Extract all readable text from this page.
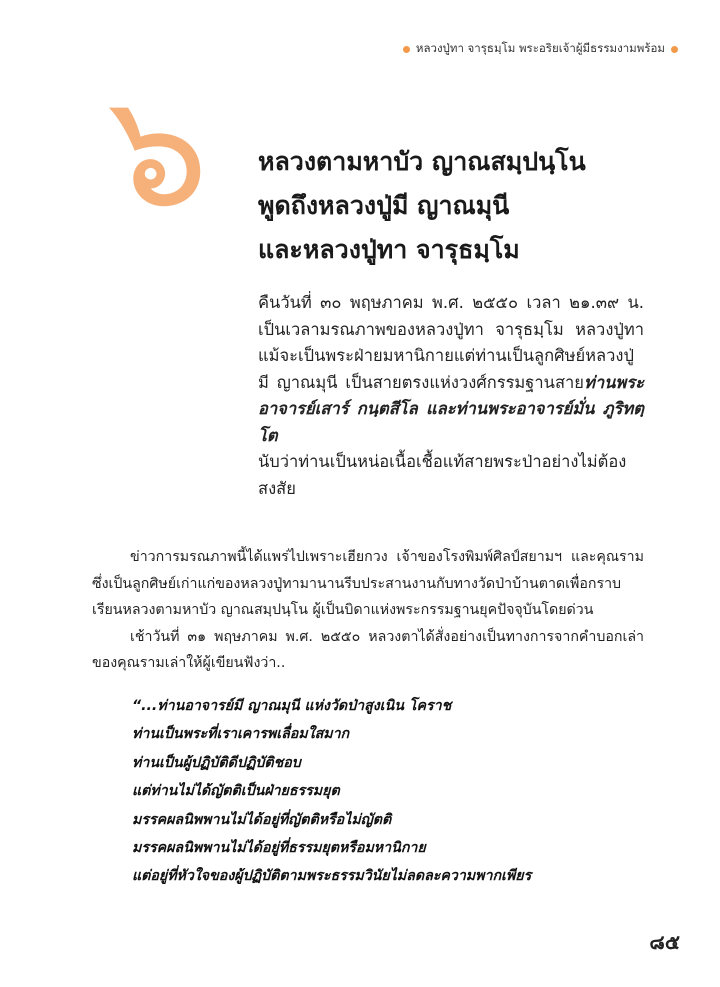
หลวงปู่ทา จารุธมฺโม พระอริยเจ้าผู้มีธรรมงามพร้อม
๖ หลวงตามหาบัว ญาณสมฺปนฺโน
พูดถึงหลวงปู่มี ญาณมุนี
และหลวงปู่ทา จารุธมฺโม
คืนวันที่ ๓๐ พฤษภาคม พ.ศ. ๒๕๕๐ เวลา ๒๑.๓๙ น. เป็นเวลามรณภาพของหลวงปู่ทา จารุธมฺโม หลวงปู่ทาแม้จะเป็นพระฝ่ายมหานิกายแต่ท่านเป็นลูกศิษย์หลวงปู่มี ญาณมุนี เป็นสายตรงแห่งวงศ์กรรมฐานสายท่านพระอาจารย์เสาร์ กนฺตสีโล และท่านพระอาจารย์มั่น ภูริทตฺโต
นับว่าท่านเป็นหน่อเนื้อเชื้อแท้สายพระป่าอย่างไม่ต้องสงสัย

ข่าวการมรณภาพนี้ได้แพร่ไปเพราะเฮียกวง เจ้าของโรงพิมพ์ศิลป์สยามฯ และคุณราม ซึ่งเป็นลูกศิษย์เก่าแก่ของหลวงปู่ทามานานรีบประสานงานกับทางวัดป่าบ้านตาดเพื่อกราบเรียนหลวงตามหาบัว ญาณสมฺปนฺโน ผู้เป็นบิดาแห่งพระกรรมฐานยุคปัจจุบันโดยด่วน

เช้าวันที่ ๓๑ พฤษภาคม พ.ศ. ๒๕๕๐ หลวงตาได้สั่งอย่างเป็นทางการจากคำบอกเล่าของคุณรามเล่าให้ผู้เขียนฟังว่า..

“...ท่านอาจารย์มี ญาณมุนี แห่งวัดป่าสูงเนิน โคราช
ท่านเป็นพระที่เราเคารพเลื่อมใสมาก
ท่านเป็นผู้ปฏิบัติดีปฏิบัติชอบ
แต่ท่านไม่ได้ญัตติเป็นฝ่ายธรรมยุต
มรรคผลนิพพานไม่ได้อยู่ที่ญัตติหรือไม่ญัตติ
มรรคผลนิพพานไม่ได้อยู่ที่ธรรมยุตหรือมหานิกาย
แต่อยู่ที่หัวใจของผู้ปฏิบัติตามพระธรรมวินัยไม่ลดละความพากเพียร
๘๕
